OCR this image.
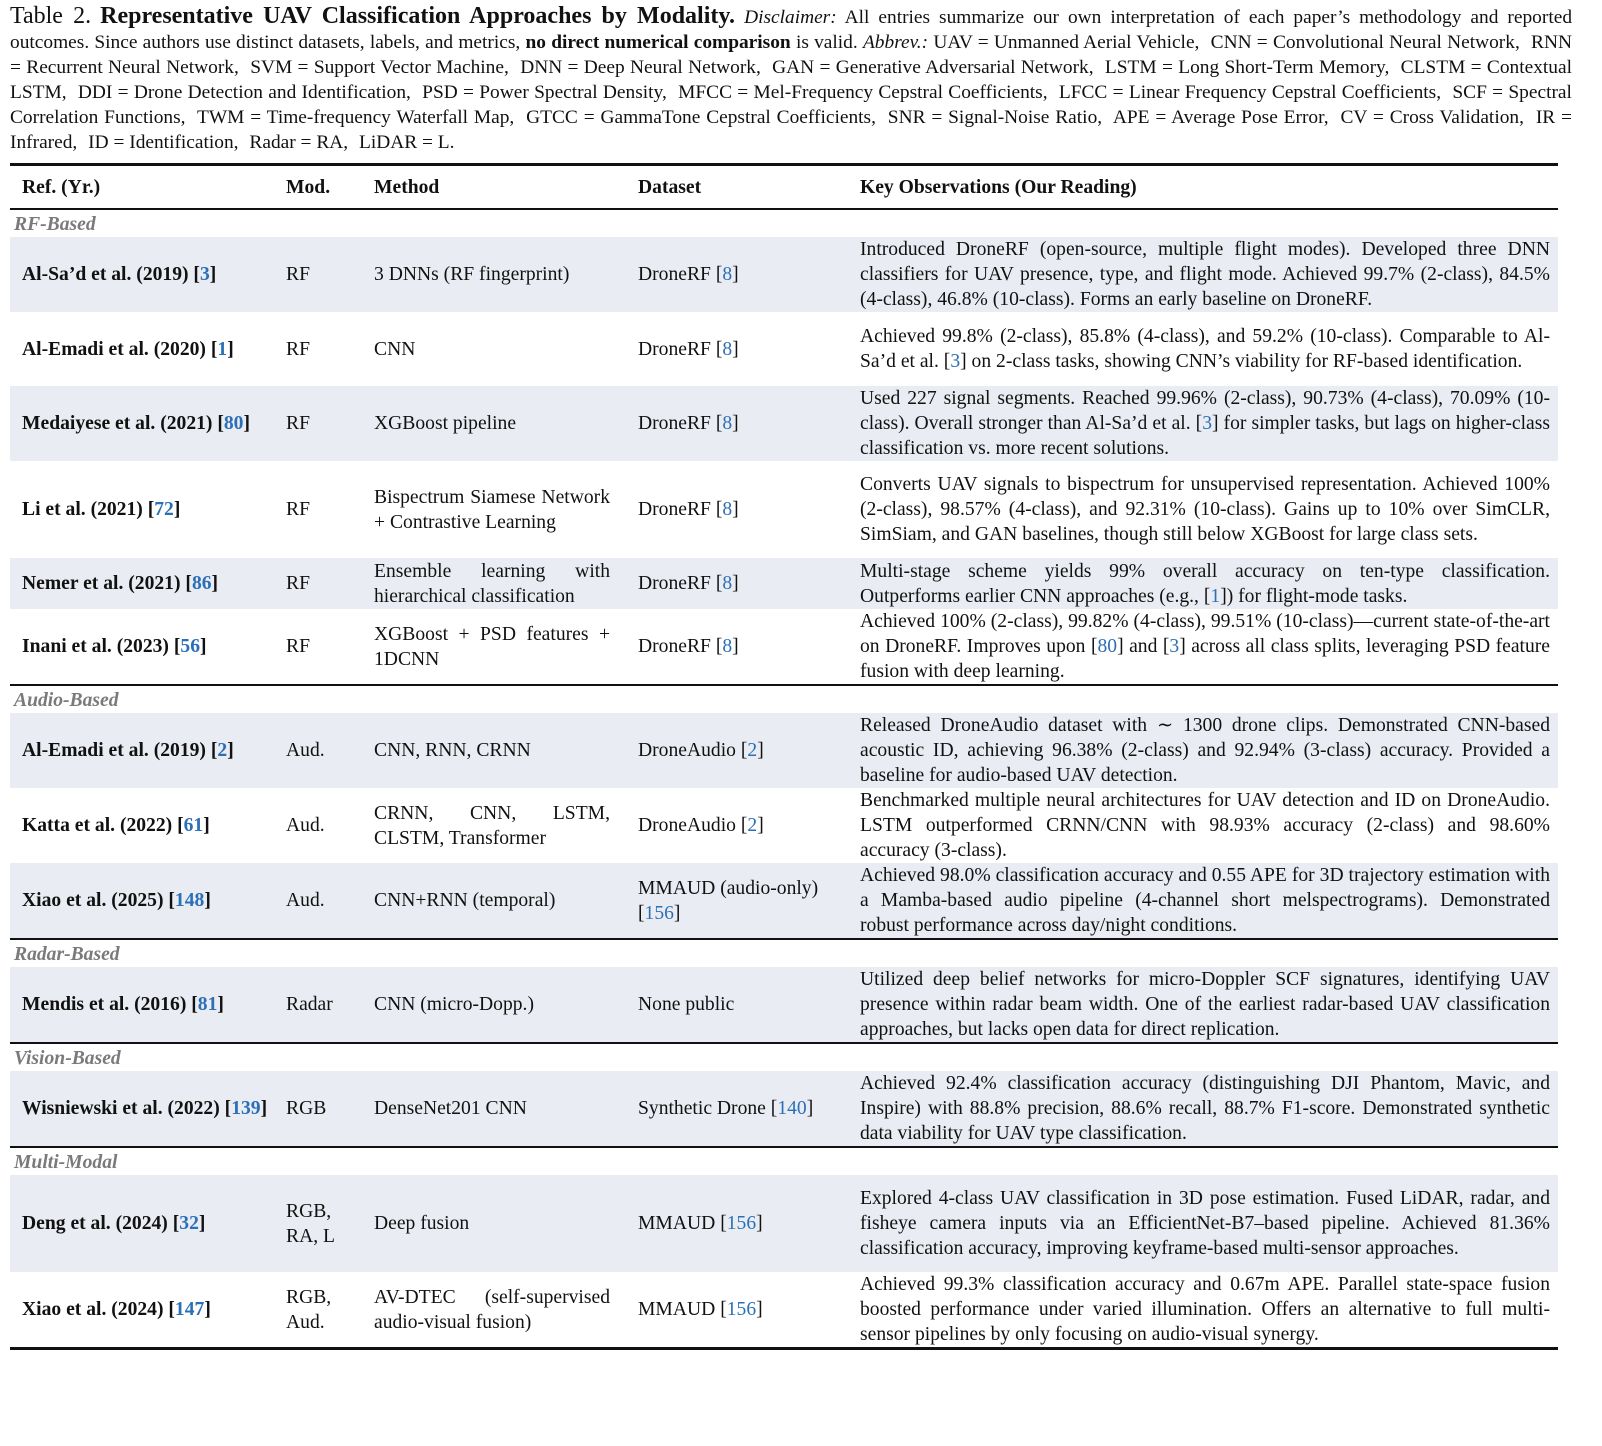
Table 2. Representative UAV Classification Approaches by Modality. Disclaimer: All entries summarize our own interpretation of each paper’s methodology and reported outcomes. Since authors use distinct datasets, labels, and metrics, no direct numerical comparison is valid. Abbrev.: UAV = Unmanned Aerial Vehicle, CNN = Convolutional Neural Network, RNN = Recurrent Neural Network, SVM = Support Vector Machine, DNN = Deep Neural Network, GAN = Generative Adversarial Network, LSTM = Long Short-Term Memory, CLSTM = Contextual LSTM, DDI = Drone Detection and Identification, PSD = Power Spectral Density, MFCC = Mel-Frequency Cepstral Coefficients, LFCC = Linear Frequency Cepstral Coefficients, SCF = Spectral Correlation Functions, TWM = Time-frequency Waterfall Map, GTCC = GammaTone Cepstral Coefficients, SNR = Signal-Noise Ratio, APE = Average Pose Error, CV = Cross Validation, IR = Infrared, ID = Identification, Radar = RA, LiDAR = L.

Ref. (Yr.)	Mod.	Method	Dataset	Key Observations (Our Reading)
RF-Based				
Al-Sa’d et al. (2019) [3]	RF	3 DNNs (RF fingerprint)	DroneRF [8]	Introduced DroneRF (open-source, multiple flight modes). Developed three DNN classifiers for UAV presence, type, and flight mode. Achieved 99.7% (2-class), 84.5% (4-class), 46.8% (10-class). Forms an early baseline on DroneRF.
Al-Emadi et al. (2020) [1]	RF	CNN	DroneRF [8]	Achieved 99.8% (2-class), 85.8% (4-class), and 59.2% (10-class). Comparable to Al-Sa’d et al. [3] on 2-class tasks, showing CNN’s viability for RF-based identification.
Medaiyese et al. (2021) [80]	RF	XGBoost pipeline	DroneRF [8]	Used 227 signal segments. Reached 99.96% (2-class), 90.73% (4-class), 70.09% (10-class). Overall stronger than Al-Sa’d et al. [3] for simpler tasks, but lags on higher-class classification vs. more recent solutions.
Li et al. (2021) [72]	RF	Bispectrum Siamese Network + Contrastive Learning	DroneRF [8]	Converts UAV signals to bispectrum for unsupervised representation. Achieved 100% (2-class), 98.57% (4-class), and 92.31% (10-class). Gains up to 10% over SimCLR, SimSiam, and GAN baselines, though still below XGBoost for large class sets.
Nemer et al. (2021) [86]	RF	Ensemble learning with hierarchical classification	DroneRF [8]	Multi-stage scheme yields 99% overall accuracy on ten-type classification. Outperforms earlier CNN approaches (e.g., [1]) for flight-mode tasks.
Inani et al. (2023) [56]	RF	XGBoost + PSD features + 1DCNN	DroneRF [8]	Achieved 100% (2-class), 99.82% (4-class), 99.51% (10-class)—current state-of-the-art on DroneRF. Improves upon [80] and [3] across all class splits, leveraging PSD feature fusion with deep learning.
Audio-Based				
Al-Emadi et al. (2019) [2]	Aud.	CNN, RNN, CRNN	DroneAudio [2]	Released DroneAudio dataset with ∼ 1300 drone clips. Demonstrated CNN-based acoustic ID, achieving 96.38% (2-class) and 92.94% (3-class) accuracy. Provided a baseline for audio-based UAV detection.
Katta et al. (2022) [61]	Aud.	CRNN, CNN, LSTM, CLSTM, Transformer	DroneAudio [2]	Benchmarked multiple neural architectures for UAV detection and ID on DroneAudio. LSTM outperformed CRNN/CNN with 98.93% accuracy (2-class) and 98.60% accuracy (3-class).
Xiao et al. (2025) [148]	Aud.	CNN+RNN (temporal)	MMAUD (audio-only) [156]	Achieved 98.0% classification accuracy and 0.55 APE for 3D trajectory estimation with a Mamba-based audio pipeline (4-channel short melspectrograms). Demonstrated robust performance across day/night conditions.
Radar-Based				
Mendis et al. (2016) [81]	Radar	CNN (micro-Dopp.)	None public	Utilized deep belief networks for micro-Doppler SCF signatures, identifying UAV presence within radar beam width. One of the earliest radar-based UAV classification approaches, but lacks open data for direct replication.
Vision-Based				
Wisniewski et al. (2022) [139]	RGB	DenseNet201 CNN	Synthetic Drone [140]	Achieved 92.4% classification accuracy (distinguishing DJI Phantom, Mavic, and Inspire) with 88.8% precision, 88.6% recall, 88.7% F1-score. Demonstrated synthetic data viability for UAV type classification.
Multi-Modal				
Deng et al. (2024) [32]	RGB, RA, L	Deep fusion	MMAUD [156]	Explored 4-class UAV classification in 3D pose estimation. Fused LiDAR, radar, and fisheye camera inputs via an EfficientNet-B7–based pipeline. Achieved 81.36% classification accuracy, improving keyframe-based multi-sensor approaches.
Xiao et al. (2024) [147]	RGB, Aud.	AV-DTEC (self-supervised audio-visual fusion)	MMAUD [156]	Achieved 99.3% classification accuracy and 0.67m APE. Parallel state-space fusion boosted performance under varied illumination. Offers an alternative to full multi-sensor pipelines by only focusing on audio-visual synergy.
